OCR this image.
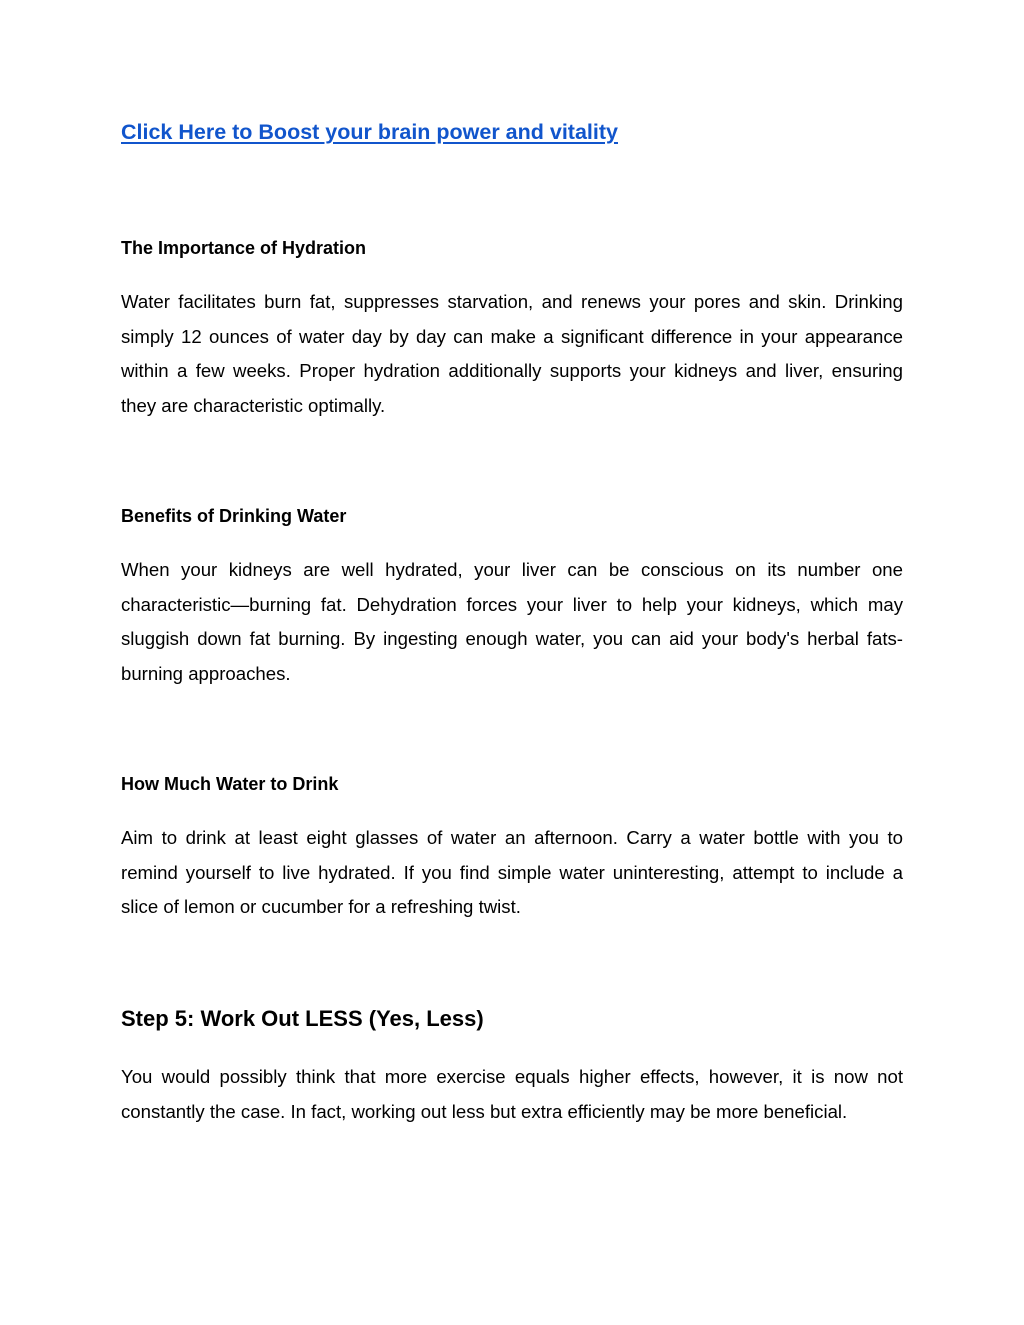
Click Here to Boost your brain power and vitality
The Importance of Hydration

Water facilitates burn fat, suppresses starvation, and renews your pores and skin. Drinking simply 12 ounces of water day by day can make a significant difference in your appearance within a few weeks. Proper hydration additionally supports your kidneys and liver, ensuring they are characteristic optimally.

Benefits of Drinking Water

When your kidneys are well hydrated, your liver can be conscious on its number one characteristic—burning fat. Dehydration forces your liver to help your kidneys, which may sluggish down fat burning. By ingesting enough water, you can aid your body's herbal fats-burning approaches.

How Much Water to Drink

Aim to drink at least eight glasses of water an afternoon. Carry a water bottle with you to remind yourself to live hydrated. If you find simple water uninteresting, attempt to include a slice of lemon or cucumber for a refreshing twist.

Step 5: Work Out LESS (Yes, Less)

You would possibly think that more exercise equals higher effects, however, it is now not constantly the case. In fact, working out less but extra efficiently may be more beneficial.
